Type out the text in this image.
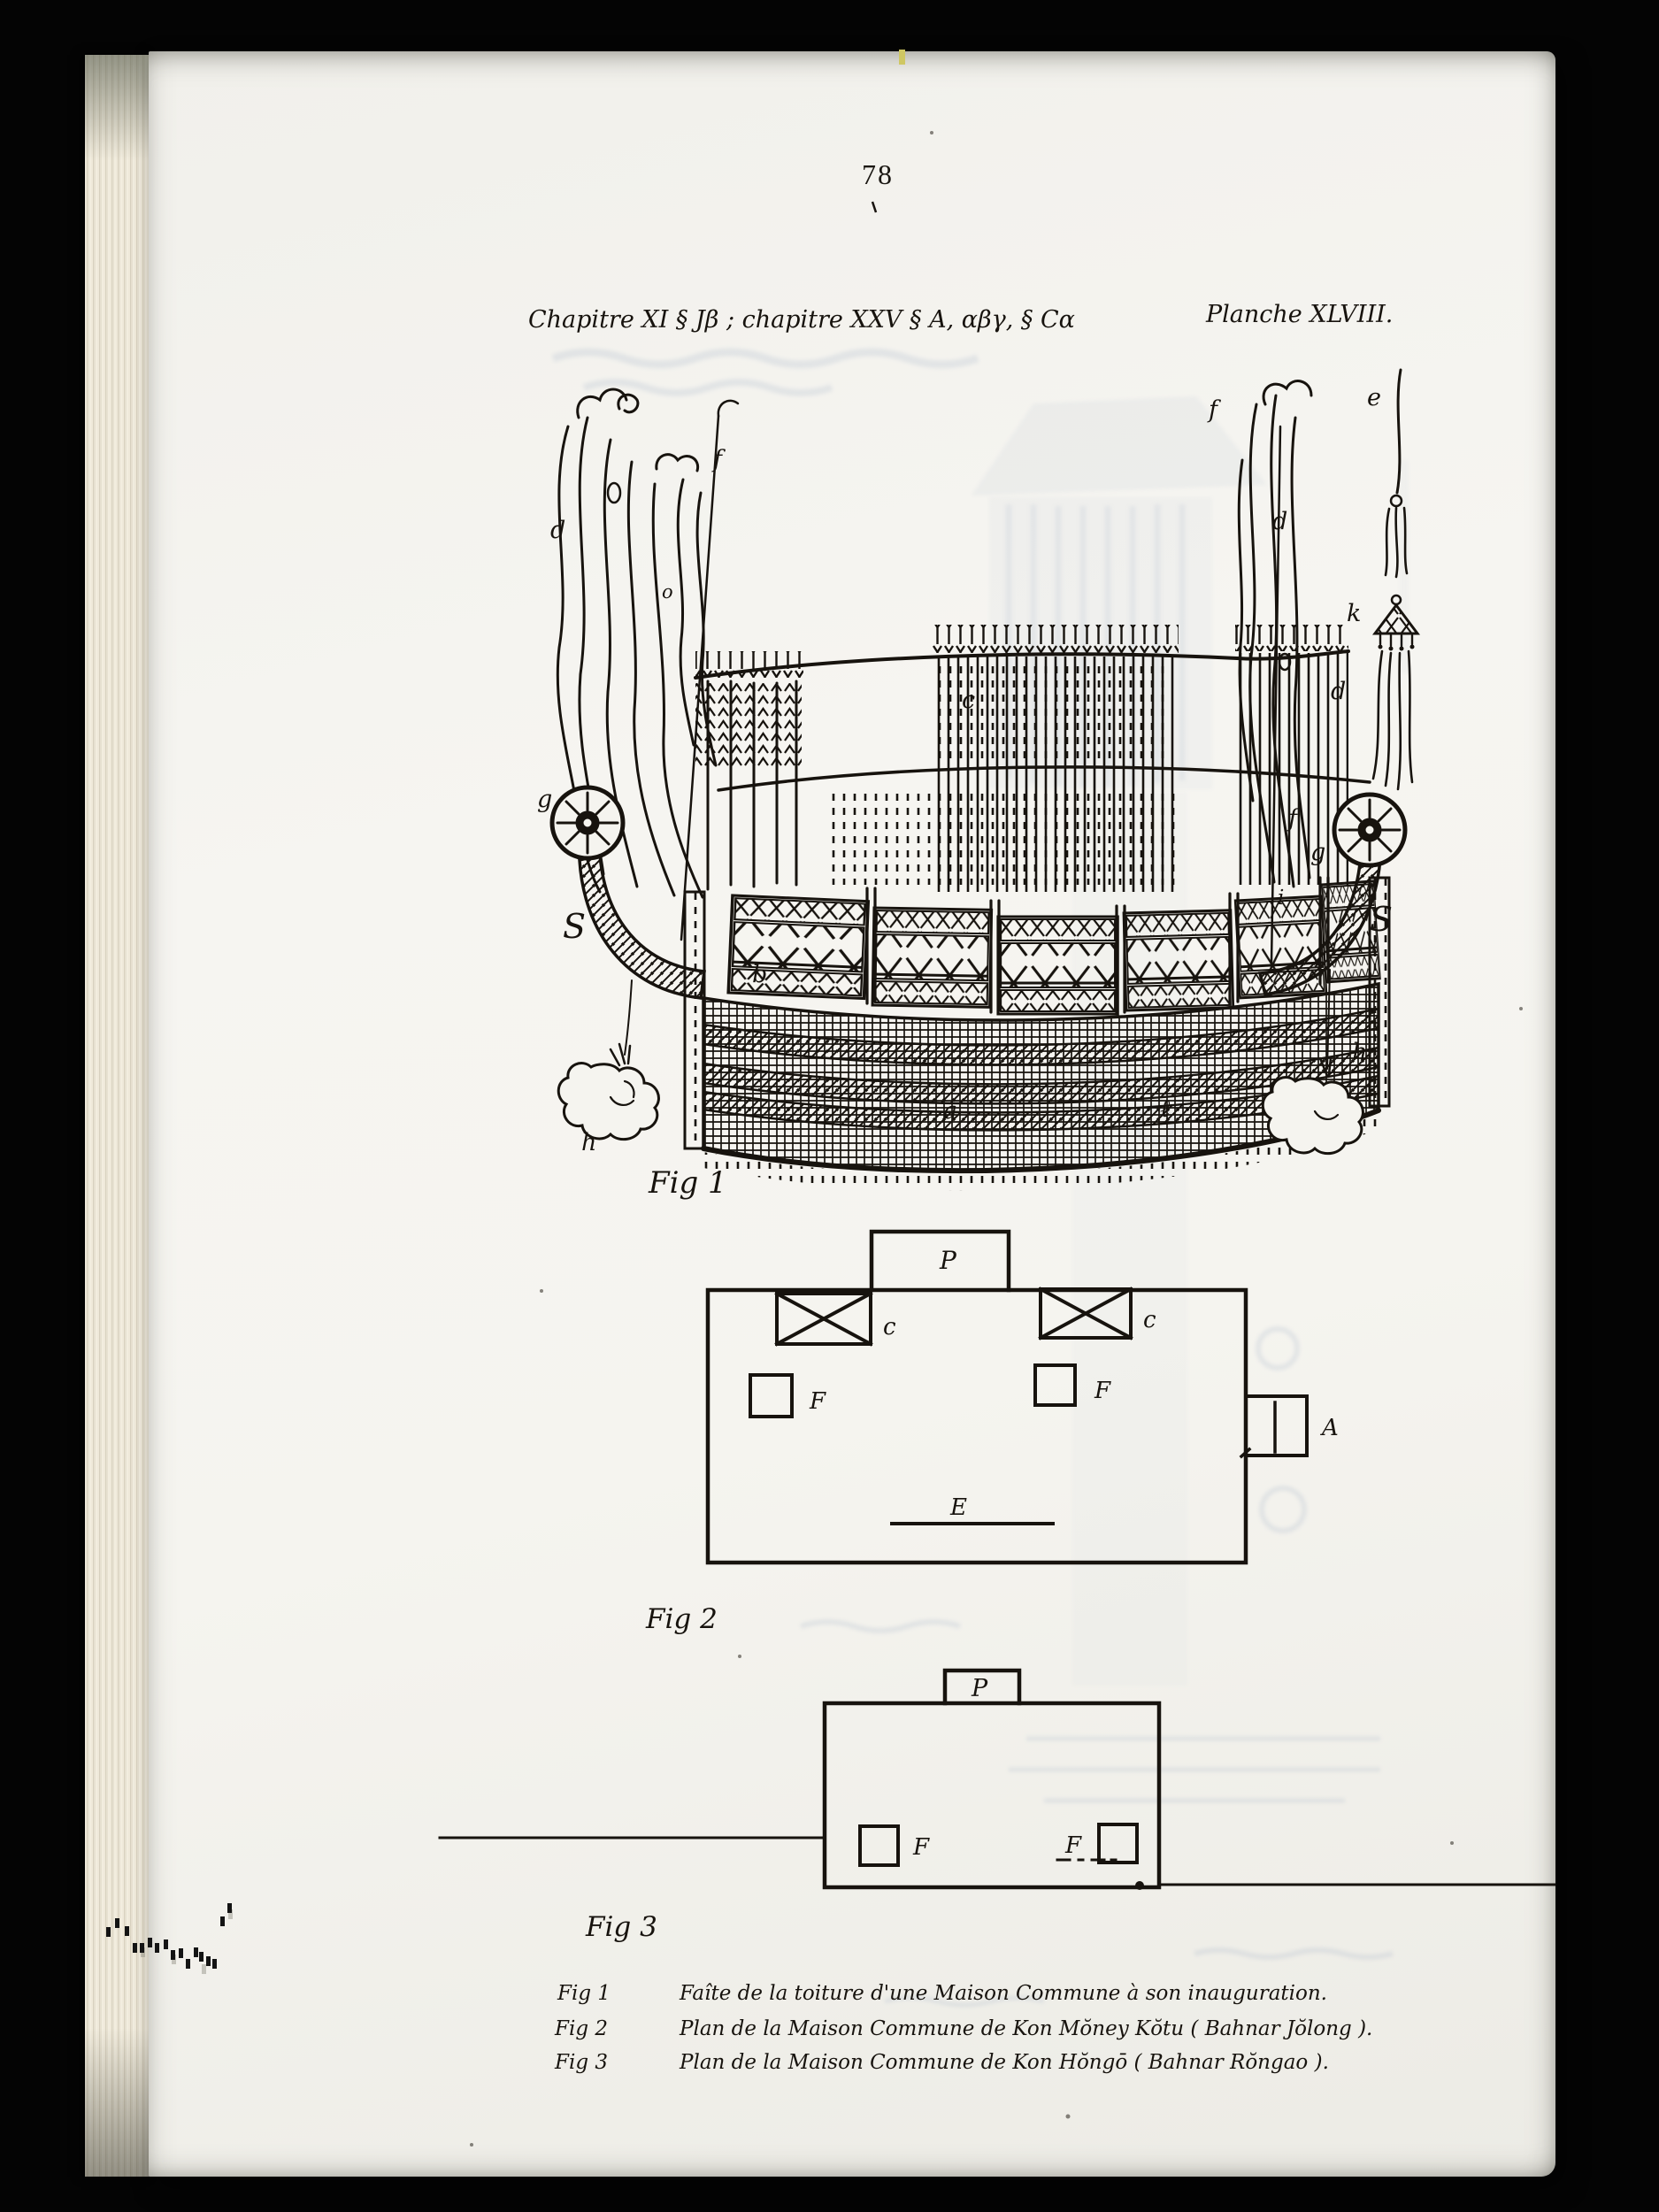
78
Chapitre XI § Jβ ; chapitre XXV § A, αβγ, § Cα	Planche XLVIII.
d
f
o
g
S
h
c
f	e
d
k
d
f
g
S
i
h
b
a	ℓ
P
c	c
F	F
A
E
P
F	F
Fig 1
Fig 2
Fig 3
Fig 1	Faîte de la toiture d'une Maison Commune à son inauguration.
Fig 2	Plan de la Maison Commune de Kon Mŏney Kŏtu ( Bahnar Jŏlong ).
Fig 3	Plan de la Maison Commune de Kon Hŏngō ( Bahnar Rŏngao ).
